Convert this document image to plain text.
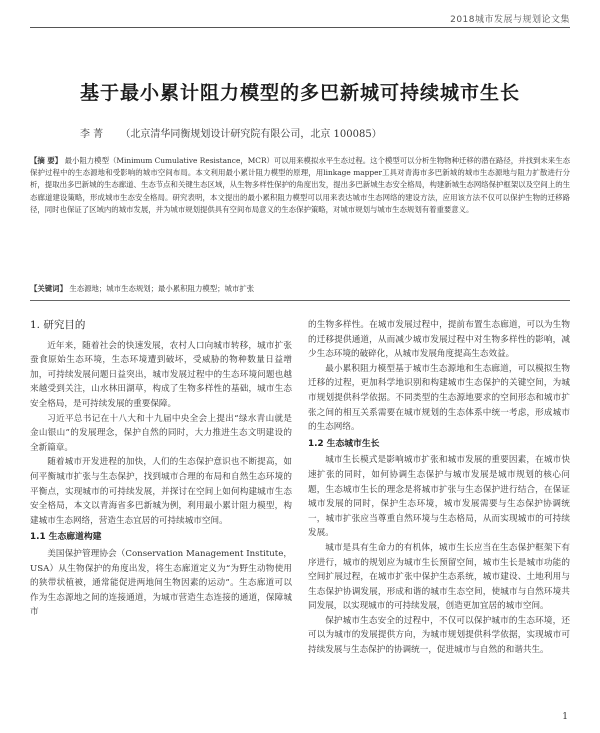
2018城市发展与规划论文集
基于最小累计阻力模型的多巴新城可持续城市生长
李 菁 （北京清华同衡规划设计研究院有限公司，北京 100085）
【摘 要】 最小阻力模型（Minimum Cumulative Resistance，MCR）可以用来模拟水平生态过程。这个模型可以分析生物物种迁移的潜在路径，并找到未来生态保护过程中的生态源地和受影响的城市空间布局。本文利用最小累计阻力模型的原理，用linkage mapper工具对青海市多巴新城的城市生态源地与阻力扩散进行分析，提取出多巴新城的生态廊道、生态节点和关键生态区域，从生物多样性保护的角度出发，提出多巴新城生态安全格局，构建新城生态网络保护框架以及空间上的生态廊道建设策略，形成城市生态安全格局。研究表明，本文提出的最小累积阻力模型可以用来表达城市生态网络的建设方法，应用该方法不仅可以保护生物的迁移路径，同时也保证了区域内的城市发展，并为城市规划提供具有空间布局意义的生态保护策略，对城市规划与城市生态规划有着重要意义。
【关键词】 生态源地；城市生态规划；最小累积阻力模型；城市扩张
1. 研究目的

近年来，随着社会的快速发展，农村人口向城市转移，城市扩张蚕食原始生态环境，生态环境遭到破坏，受威胁的物种数量日益增加，可持续发展问题日益突出，城市发展过程中的生态环境问题也越来越受到关注，山水林田湖草，构成了生物多样性的基础，城市生态安全格局，是可持续发展的重要保障。

习近平总书记在十八大和十九届中央全会上提出“绿水青山就是金山银山”的发展理念，保护自然的同时，大力推进生态文明建设的全新篇章。

随着城市开发进程的加快，人们的生态保护意识也不断提高，如何平衡城市扩张与生态保护，找到城市合理的布局和自然生态环境的平衡点，实现城市的可持续发展，并探讨在空间上如何构建城市生态安全格局，本文以青海省多巴新城为例，利用最小累计阻力模型，构建城市生态网络，营造生态宜居的可持续城市空间。

1.1 生态廊道构建

美国保护管理协会（Conservation Management Institute，USA）从生物保护的角度出发，将生态廊道定义为“为野生动物使用的狭带状植被，通常能促进两地间生物因素的运动”。生态廊道可以作为生态源地之间的连接通道，为城市营造生态连接的通道，保障城市

的生物多样性。在城市发展过程中，提前布置生态廊道，可以为生物的迁移提供通道，从而减少城市发展过程中对生物多样性的影响，减少生态环境的破碎化，从城市发展角度提高生态效益。

最小累积阻力模型基于城市生态源地和生态廊道，可以模拟生物迁移的过程，更加科学地识别和构建城市生态保护的关键空间，为城市规划提供科学依据。不同类型的生态源地要求的空间形态和城市扩张之间的相互关系需要在城市规划的生态体系中统一考虑，形成城市的生态网络。

1.2 生态城市生长

城市生长模式是影响城市扩张和城市发展的重要因素，在城市快速扩张的同时，如何协调生态保护与城市发展是城市规划的核心问题，生态城市生长的理念是将城市扩张与生态保护进行结合，在保证城市发展的同时，保护生态环境，城市发展需要与生态保护协调统一，城市扩张应当尊重自然环境与生态格局，从而实现城市的可持续发展。

城市是具有生命力的有机体，城市生长应当在生态保护框架下有序进行，城市的规划应为城市生长预留空间，城市生长是城市功能的空间扩展过程，在城市扩张中保护生态系统，城市建设、土地利用与生态保护协调发展，形成和谐的城市生态空间，使城市与自然环境共同发展，以实现城市的可持续发展，创造更加宜居的城市空间。

保护城市生态安全的过程中，不仅可以保护城市的生态环境，还可以为城市的发展提供方向，为城市规划提供科学依据，实现城市可持续发展与生态保护的协调统一，促进城市与自然的和谐共生。

1
